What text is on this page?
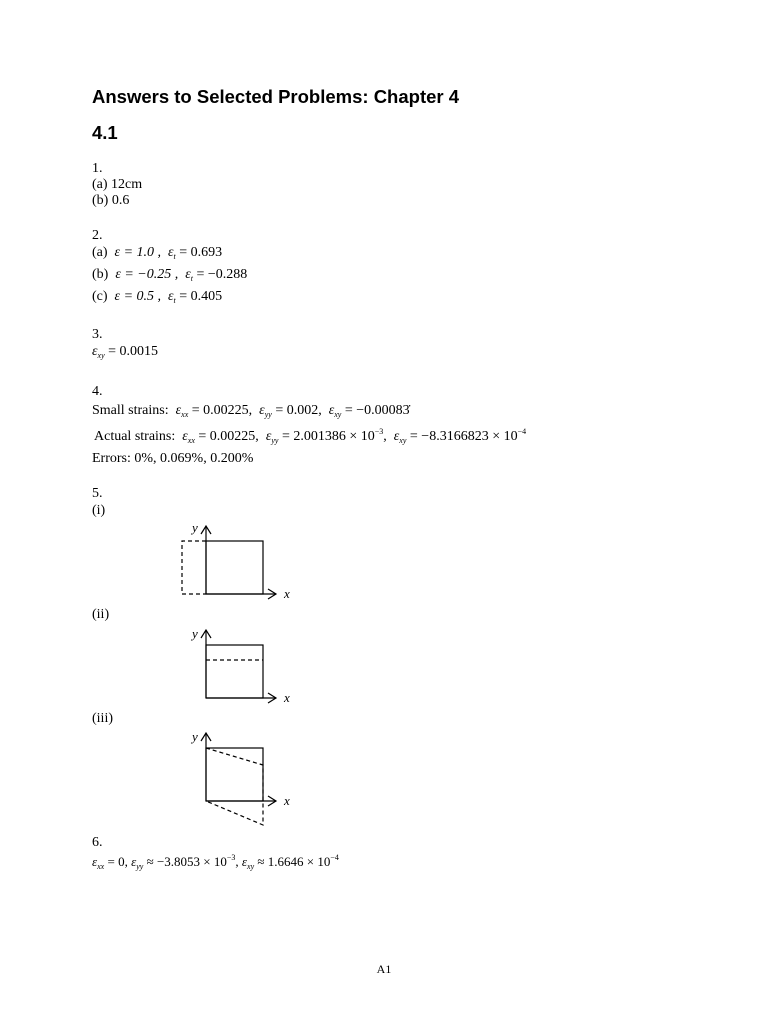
Answers to Selected Problems: Chapter 4
4.1
1.
(a) 12cm
(b) 0.6
2.
(a) ε = 1.0 , $\varepsilon_t = 0.693$
(b) ε = −0.25 , $\varepsilon_t = -0.288$
(c) ε = 0.5 , $\varepsilon_t = 0.405$
3.
$\varepsilon_{xy} = 0.0015$
4.
Small strains: $\varepsilon_{xx} = 0.00225$, $\varepsilon_{yy} = 0.002$, $\varepsilon_{xy}$ = −0.00083̇
Actual strains: $\varepsilon_{xx} = 0.00225$, $\varepsilon_{yy} = 2.001386 \times 10^{-3}$,  $\varepsilon_{xy} = -8.3166823 \times 10^{-4}$
Errors: 0%, 0.069%, 0.200%
5.
(i)
y
x
(ii)
y
x
(iii)
y
x
6.
$\varepsilon_{xx} = 0$, $\varepsilon_{yy} \approx -3.8053 \times 10^{-3}$, $\varepsilon_{xy} \approx 1.6646 \times 10^{-4}$
A1
